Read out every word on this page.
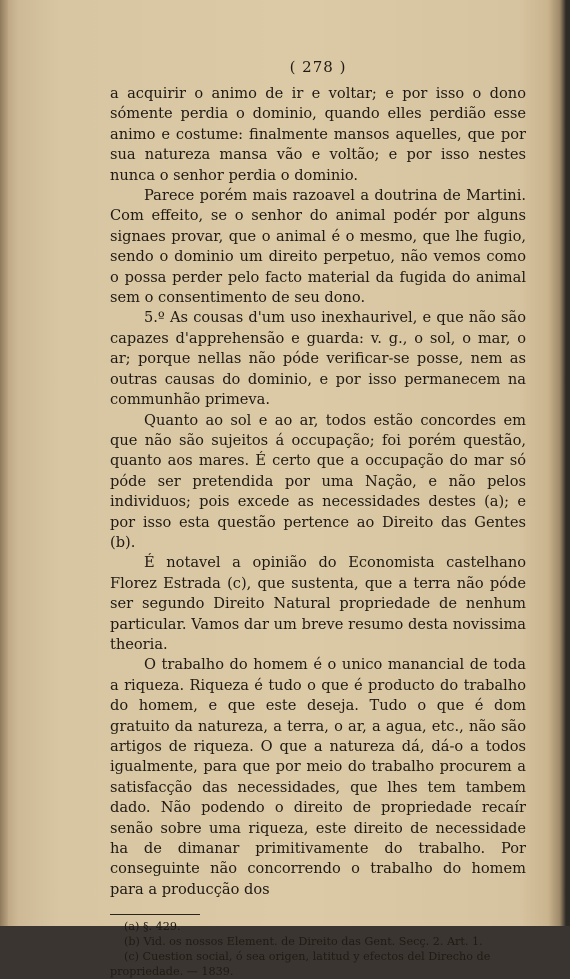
( 278 )

a acquirir o animo de ir e voltar; e por isso o dono sómente perdia o dominio, quando elles perdião esse animo e costume: finalmente mansos aquelles, que por sua natureza mansa vão e voltão; e por isso nestes nunca o senhor perdia o dominio.

Parece porém mais razoavel a doutrina de Martini. Com effeito, se o senhor do animal podér por alguns signaes provar, que o animal é o mesmo, que lhe fugio, sendo o dominio um direito perpetuo, não vemos como o possa perder pelo facto material da fugida do animal sem o consentimento de seu dono.

5.º As cousas d'um uso inexhaurivel, e que não são capazes d'apprehensão e guarda: v. g., o sol, o mar, o ar; porque nellas não póde verificar-se posse, nem as outras causas do dominio, e por isso permanecem na communhão primeva.

Quanto ao sol e ao ar, todos estão concordes em que não são sujeitos á occupação; foi porém questão, quanto aos mares. É certo que a occupação do mar só póde ser pretendida por uma Nação, e não pelos individuos; pois excede as necessidades destes (a); e por isso esta questão pertence ao Direito das Gentes (b).

É notavel a opinião do Economista castelhano Florez Estrada (c), que sustenta, que a terra não póde ser segundo Direito Natural propriedade de nenhum particular. Vamos dar um breve resumo desta novissima theoria.

O trabalho do homem é o unico manancial de toda a riqueza. Riqueza é tudo o que é producto do trabalho do homem, e que este deseja. Tudo o que é dom gratuito da natureza, a terra, o ar, a agua, etc., não são artigos de riqueza. O que a natureza dá, dá-o a todos igualmente, para que por meio do trabalho procurem a satisfacção das necessidades, que lhes tem tambem dado. Não podendo o direito de propriedade recaír senão sobre uma riqueza, este direito de necessidade ha de dimanar primitivamente do trabalho. Por conseguinte não concorrendo o trabalho do homem para a producção dos

(a) §. 429.

(b) Vid. os nossos Element. de Direito das Gent. Secç. 2. Art. 1.

(c) Cuestion social, ó sea origen, latitud y efectos del Direcho de propriedade. — 1839.
